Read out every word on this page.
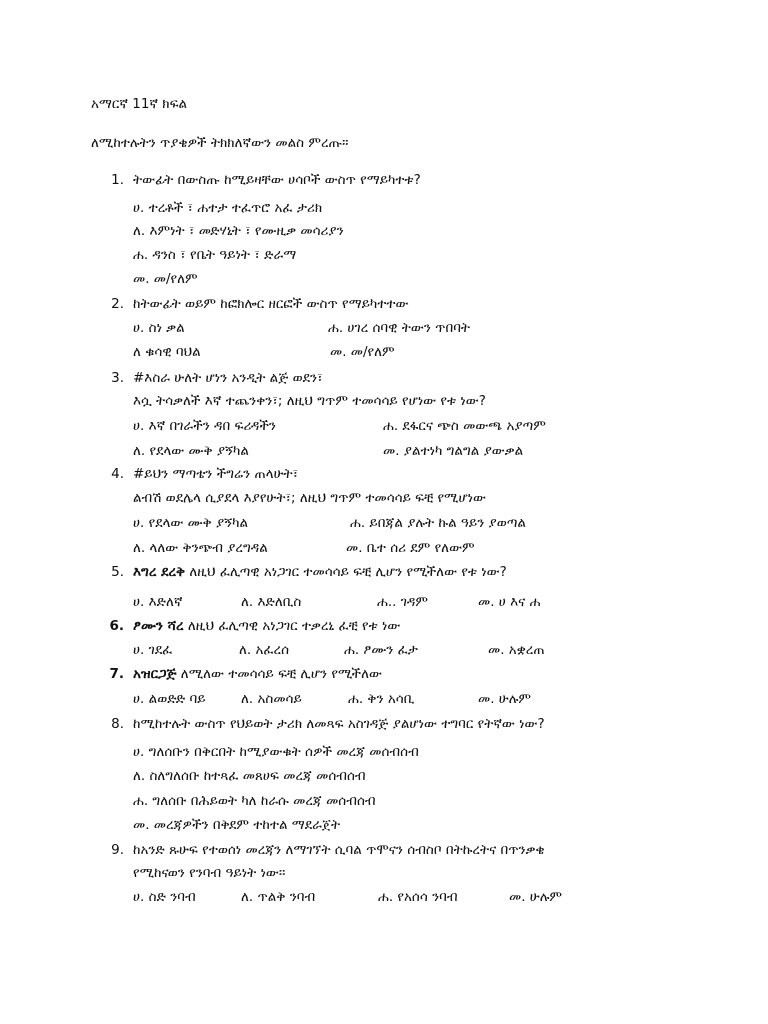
አማርኛ 11ኛ ክፍል
ለሚከተሉትን ጥያቄዎች ትክክለኛውን መልስ ምረጡ።
1. ትውፊት በውስጡ ከሚይዛቸው ሀሳቦች ውስጥ የማይካተቱ?
ሀ. ተረቶች ፣ ሐተታ ተፈጥሮ አፈ ታሪክ
ለ. እምነት ፣ መድሃኒት ፣ የሙዚቃ መሳሪያን
ሐ. ዳንስ ፣ የቤት ዓይነት ፣ ድራማ
መ. መ/የለም
2. ከትውፊት ወይም ከፎክሎር ዘርፎች ውስጥ የማይካተተው
ሀ. ስነ ቃል	ሐ. ሀገረ ሰባዊ ትውን ጥበባት
ለ ቁሳዊ ባህል	መ. መ/የለም
3. #እስራ ሁለት ሆነን አንዲት ልጅ ወደን፣
እሷ ትሳቃለች እኛ ተጨንቀን፣; ለዚህ ግጥም ተመሳሳይ የሆነው የቱ ነው?
ሀ. እኛ በገራችን ዳበ ፍሪዳችን	ሐ. ደፋርና ጭስ መውጫ አያጣም
ለ. የደላው ሙቅ ያኝካል	መ. ያልተነካ ግልግል ያውቃል
4. #ይህን ማጣቴን ችግሬን ጠላሁት፣
ልብሽ ወደሌላ ሲያደላ እያየሁት፣; ለዚህ ግጥም ተመሳሳይ ፍቺ የሚሆነው
ሀ. የደላው ሙቅ ያኝካል	ሐ. ይበጃል ያሉት ኩል ዓይን ያወጣል
ለ. ላለው ቅንጭብ ያረግዳል	መ. ቤተ ሰሪ ደም የለውም
5. እግረ ደረቅ ለዚህ ፈሊጣዊ አነጋገር ተመሳሳይ ፍቺ ሊሆን የሚችለው የቱ ነው?
ሀ. እድለኛ	ለ. እድለቢስ	ሐ.. ገዳም	መ. ሀ እና ሐ
6. ፆሙን ሻረ ለዚህ ፈሊጣዊ አነጋገር ተቃረኒ ፈቺ የቱ ነው
ሀ. ገደፈ	ለ. አፈረሰ	ሐ. ፆሙን ፈታ	መ. አቋረጠ
7. አዝርጋጅ ለሚለው ተመሳሳይ ፍቺ ሊሆን የሚችለው
ሀ. ልወድድ ባይ	ለ. አስመሳይ	ሐ. ቅን አሳቢ	መ. ሁሉም
8. ከሚከተሉት ውስጥ የህይወት ታሪክ ለመጻፍ አስገዳጅ ያልሆነው ተግባር የትኛው ነው?
ሀ. ግለሰቡን በቅርበት ከሚያውቁት ሰዎች መረጃ መሰብሰብ
ለ. ስለግለሰቡ ከተጻፈ መጸሀፍ መረጃ መሰብሰብ
ሐ. ግለሰቡ በሕይወት ካለ ከራሱ መረጃ መሰብሰብ
መ. መረጃዎችን በቅደም ተከተል ማደራጀት
9. ከአንድ ጹሁፍ የተወሰነ መረጃን ለማገኘት ሲባል ጥሞናን ሰብስቦ በትኩረትና በጥንቃቄ
የሚከናወን የንባብ ዓይነት ነው፡፡
ሀ. ስድ ንባብ	ለ. ጥልቅ ንባብ	ሐ. የአሰሳ ንባብ	መ. ሁሉም
